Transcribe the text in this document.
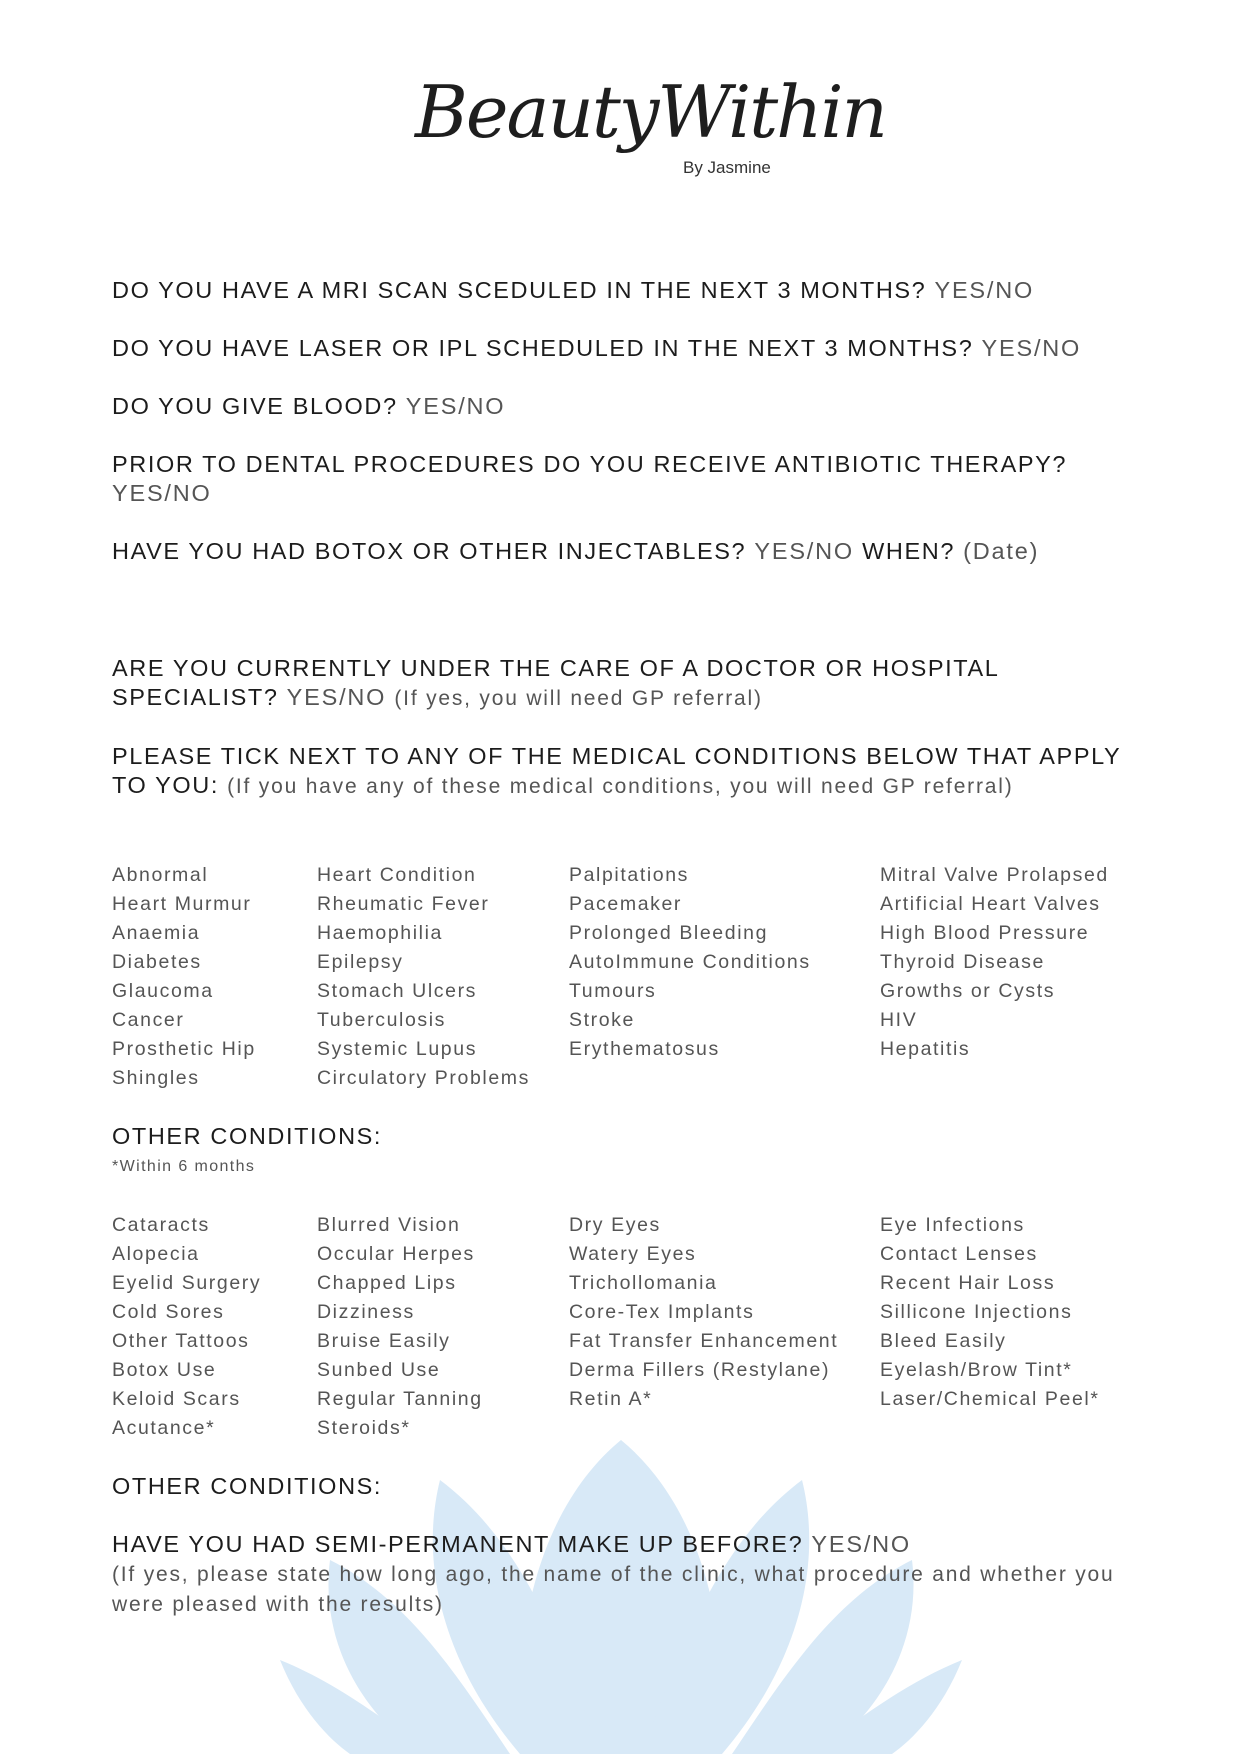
BeautyWithin
By Jasmine
DO YOU HAVE A MRI SCAN SCEDULED IN THE NEXT 3 MONTHS? YES/NO
DO YOU HAVE LASER OR IPL SCHEDULED IN THE NEXT 3 MONTHS? YES/NO
DO YOU GIVE BLOOD? YES/NO
PRIOR TO DENTAL PROCEDURES DO YOU RECEIVE ANTIBIOTIC THERAPY?
YES/NO
HAVE YOU HAD BOTOX OR OTHER INJECTABLES? YES/NO WHEN? (Date)
ARE YOU CURRENTLY UNDER THE CARE OF A DOCTOR OR HOSPITAL SPECIALIST? YES/NO (If yes, you will need GP referral)
PLEASE TICK NEXT TO ANY OF THE MEDICAL CONDITIONS BELOW THAT APPLY TO YOU: (If you have any of these medical conditions, you will need GP referral)
Abnormal
Heart Murmur
Anaemia
Diabetes
Glaucoma
Cancer
Prosthetic Hip
Shingles
Heart Condition
Rheumatic Fever
Haemophilia
Epilepsy
Stomach Ulcers
Tuberculosis
Systemic Lupus
Circulatory Problems
Palpitations
Pacemaker
Prolonged Bleeding
AutoImmune Conditions
Tumours
Stroke
Erythematosus
Mitral Valve Prolapsed
Artificial Heart Valves
High Blood Pressure
Thyroid Disease
Growths or Cysts
HIV
Hepatitis
OTHER CONDITIONS:
*Within 6 months
Cataracts
Alopecia
Eyelid Surgery
Cold Sores
Other Tattoos
Botox Use
Keloid Scars
Acutance*
Blurred Vision
Occular Herpes
Chapped Lips
Dizziness
Bruise Easily
Sunbed Use
Regular Tanning
Steroids*
Dry Eyes
Watery Eyes
Trichollomania
Core-Tex Implants
Fat Transfer Enhancement
Derma Fillers (Restylane)
Retin A*
Eye Infections
Contact Lenses
Recent Hair Loss
Sillicone Injections
Bleed Easily
Eyelash/Brow Tint*
Laser/Chemical Peel*
OTHER CONDITIONS:
HAVE YOU HAD SEMI-PERMANENT MAKE UP BEFORE? YES/NO
(If yes, please state how long ago, the name of the clinic, what procedure and whether you were pleased with the results)
